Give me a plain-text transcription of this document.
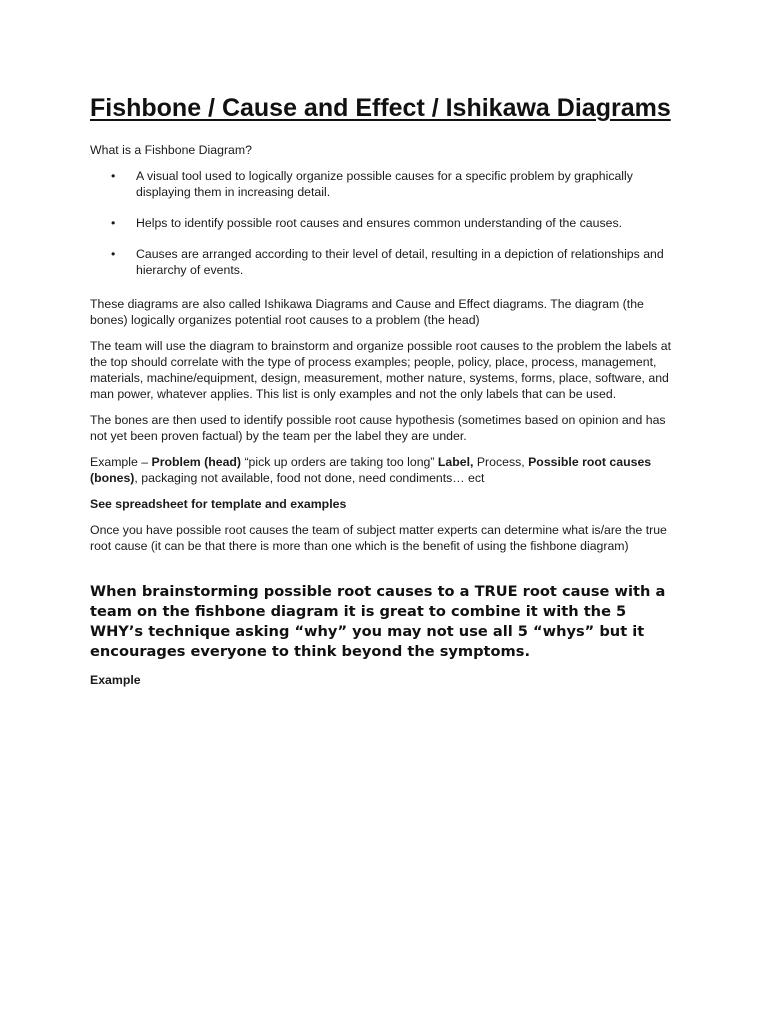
Fishbone / Cause and Effect / Ishikawa Diagrams

What is a Fishbone Diagram?

• A visual tool used to logically organize possible causes for a specific problem by graphically displaying them in increasing detail.
• Helps to identify possible root causes and ensures common understanding of the causes.
• Causes are arranged according to their level of detail, resulting in a depiction of relationships and hierarchy of events.

These diagrams are also called Ishikawa Diagrams and Cause and Effect diagrams. The diagram (the bones) logically organizes potential root causes to a problem (the head)

The team will use the diagram to brainstorm and organize possible root causes to the problem the labels at the top should correlate with the type of process examples; people, policy, place, process, management, materials, machine/equipment, design, measurement, mother nature, systems, forms, place, software, and man power, whatever applies. This list is only examples and not the only labels that can be used.

The bones are then used to identify possible root cause hypothesis (sometimes based on opinion and has not yet been proven factual) by the team per the label they are under.

Example – Problem (head) “pick up orders are taking too long” Label, Process, Possible root causes (bones), packaging not available, food not done, need condiments… ect

See spreadsheet for template and examples

Once you have possible root causes the team of subject matter experts can determine what is/are the true root cause (it can be that there is more than one which is the benefit of using the fishbone diagram)

When brainstorming possible root causes to a TRUE root cause with a team on the fishbone diagram it is great to combine it with the 5 WHY’s technique asking “why” you may not use all 5 “whys” but it encourages everyone to think beyond the symptoms.

Example
